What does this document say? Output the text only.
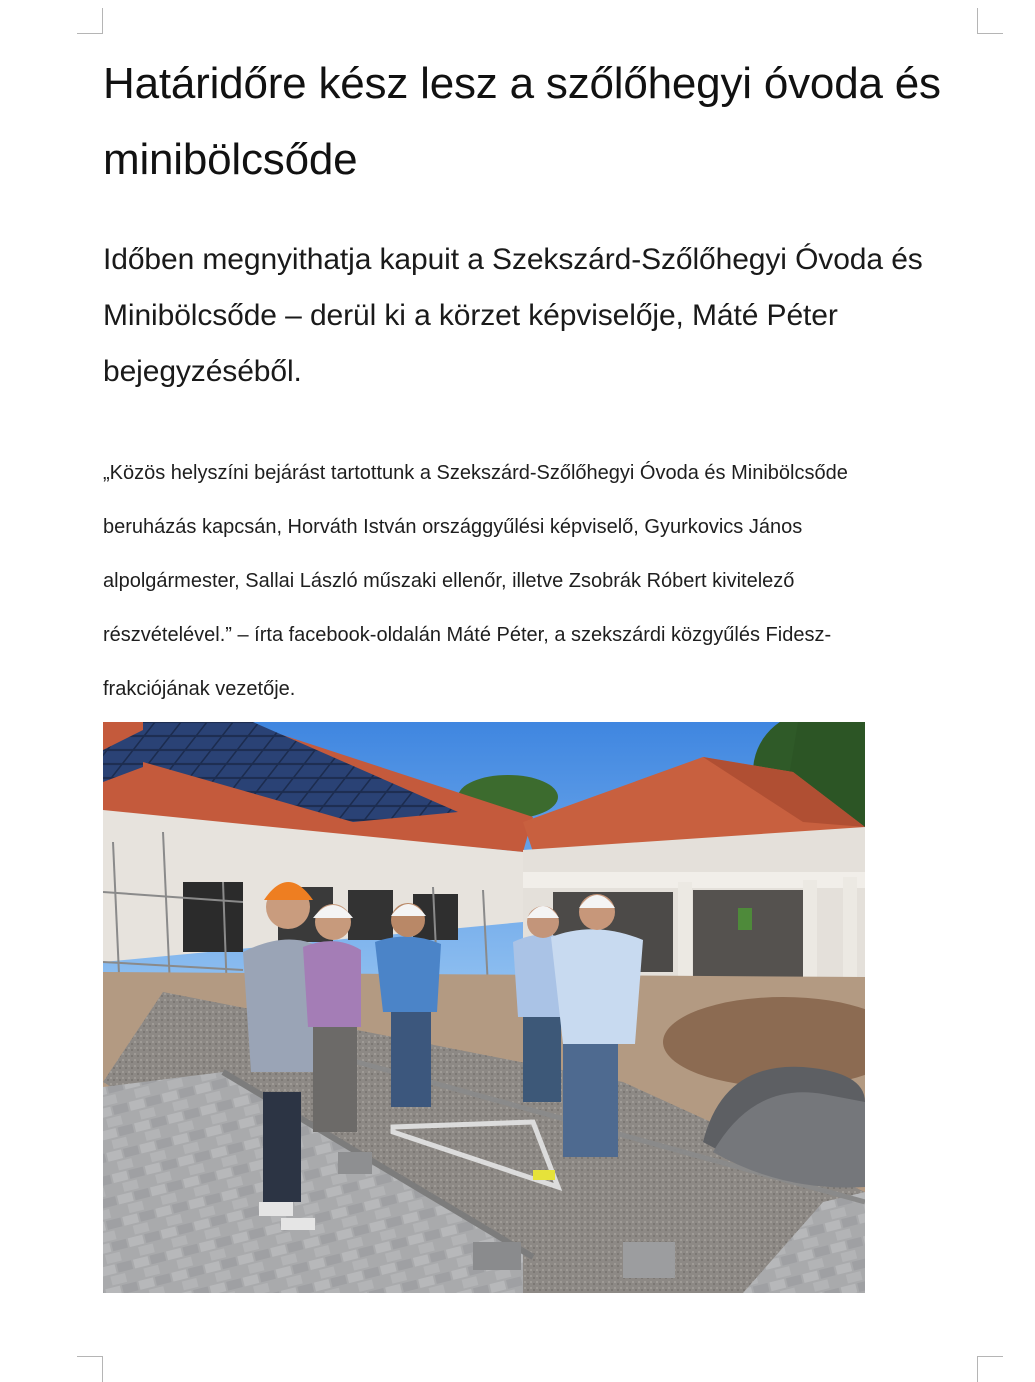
Határidőre kész lesz a szőlőhegyi óvoda és minibölcsőde

Időben megnyithatja kapuit a Szekszárd-Szőlőhegyi Óvoda és Minibölcsőde – derül ki a körzet képviselője, Máté Péter bejegyzéséből.

„Közös helyszíni bejárást tartottunk a Szekszárd-Szőlőhegyi Óvoda és Minibölcsőde
beruházás kapcsán, Horváth István országgyűlési képviselő, Gyurkovics János
alpolgármester, Sallai László műszaki ellenőr, illetve Zsobrák Róbert kivitelező
részvételével.” – írta facebook-oldalán Máté Péter, a szekszárdi közgyűlés Fidesz-
frakciójának vezetője.
